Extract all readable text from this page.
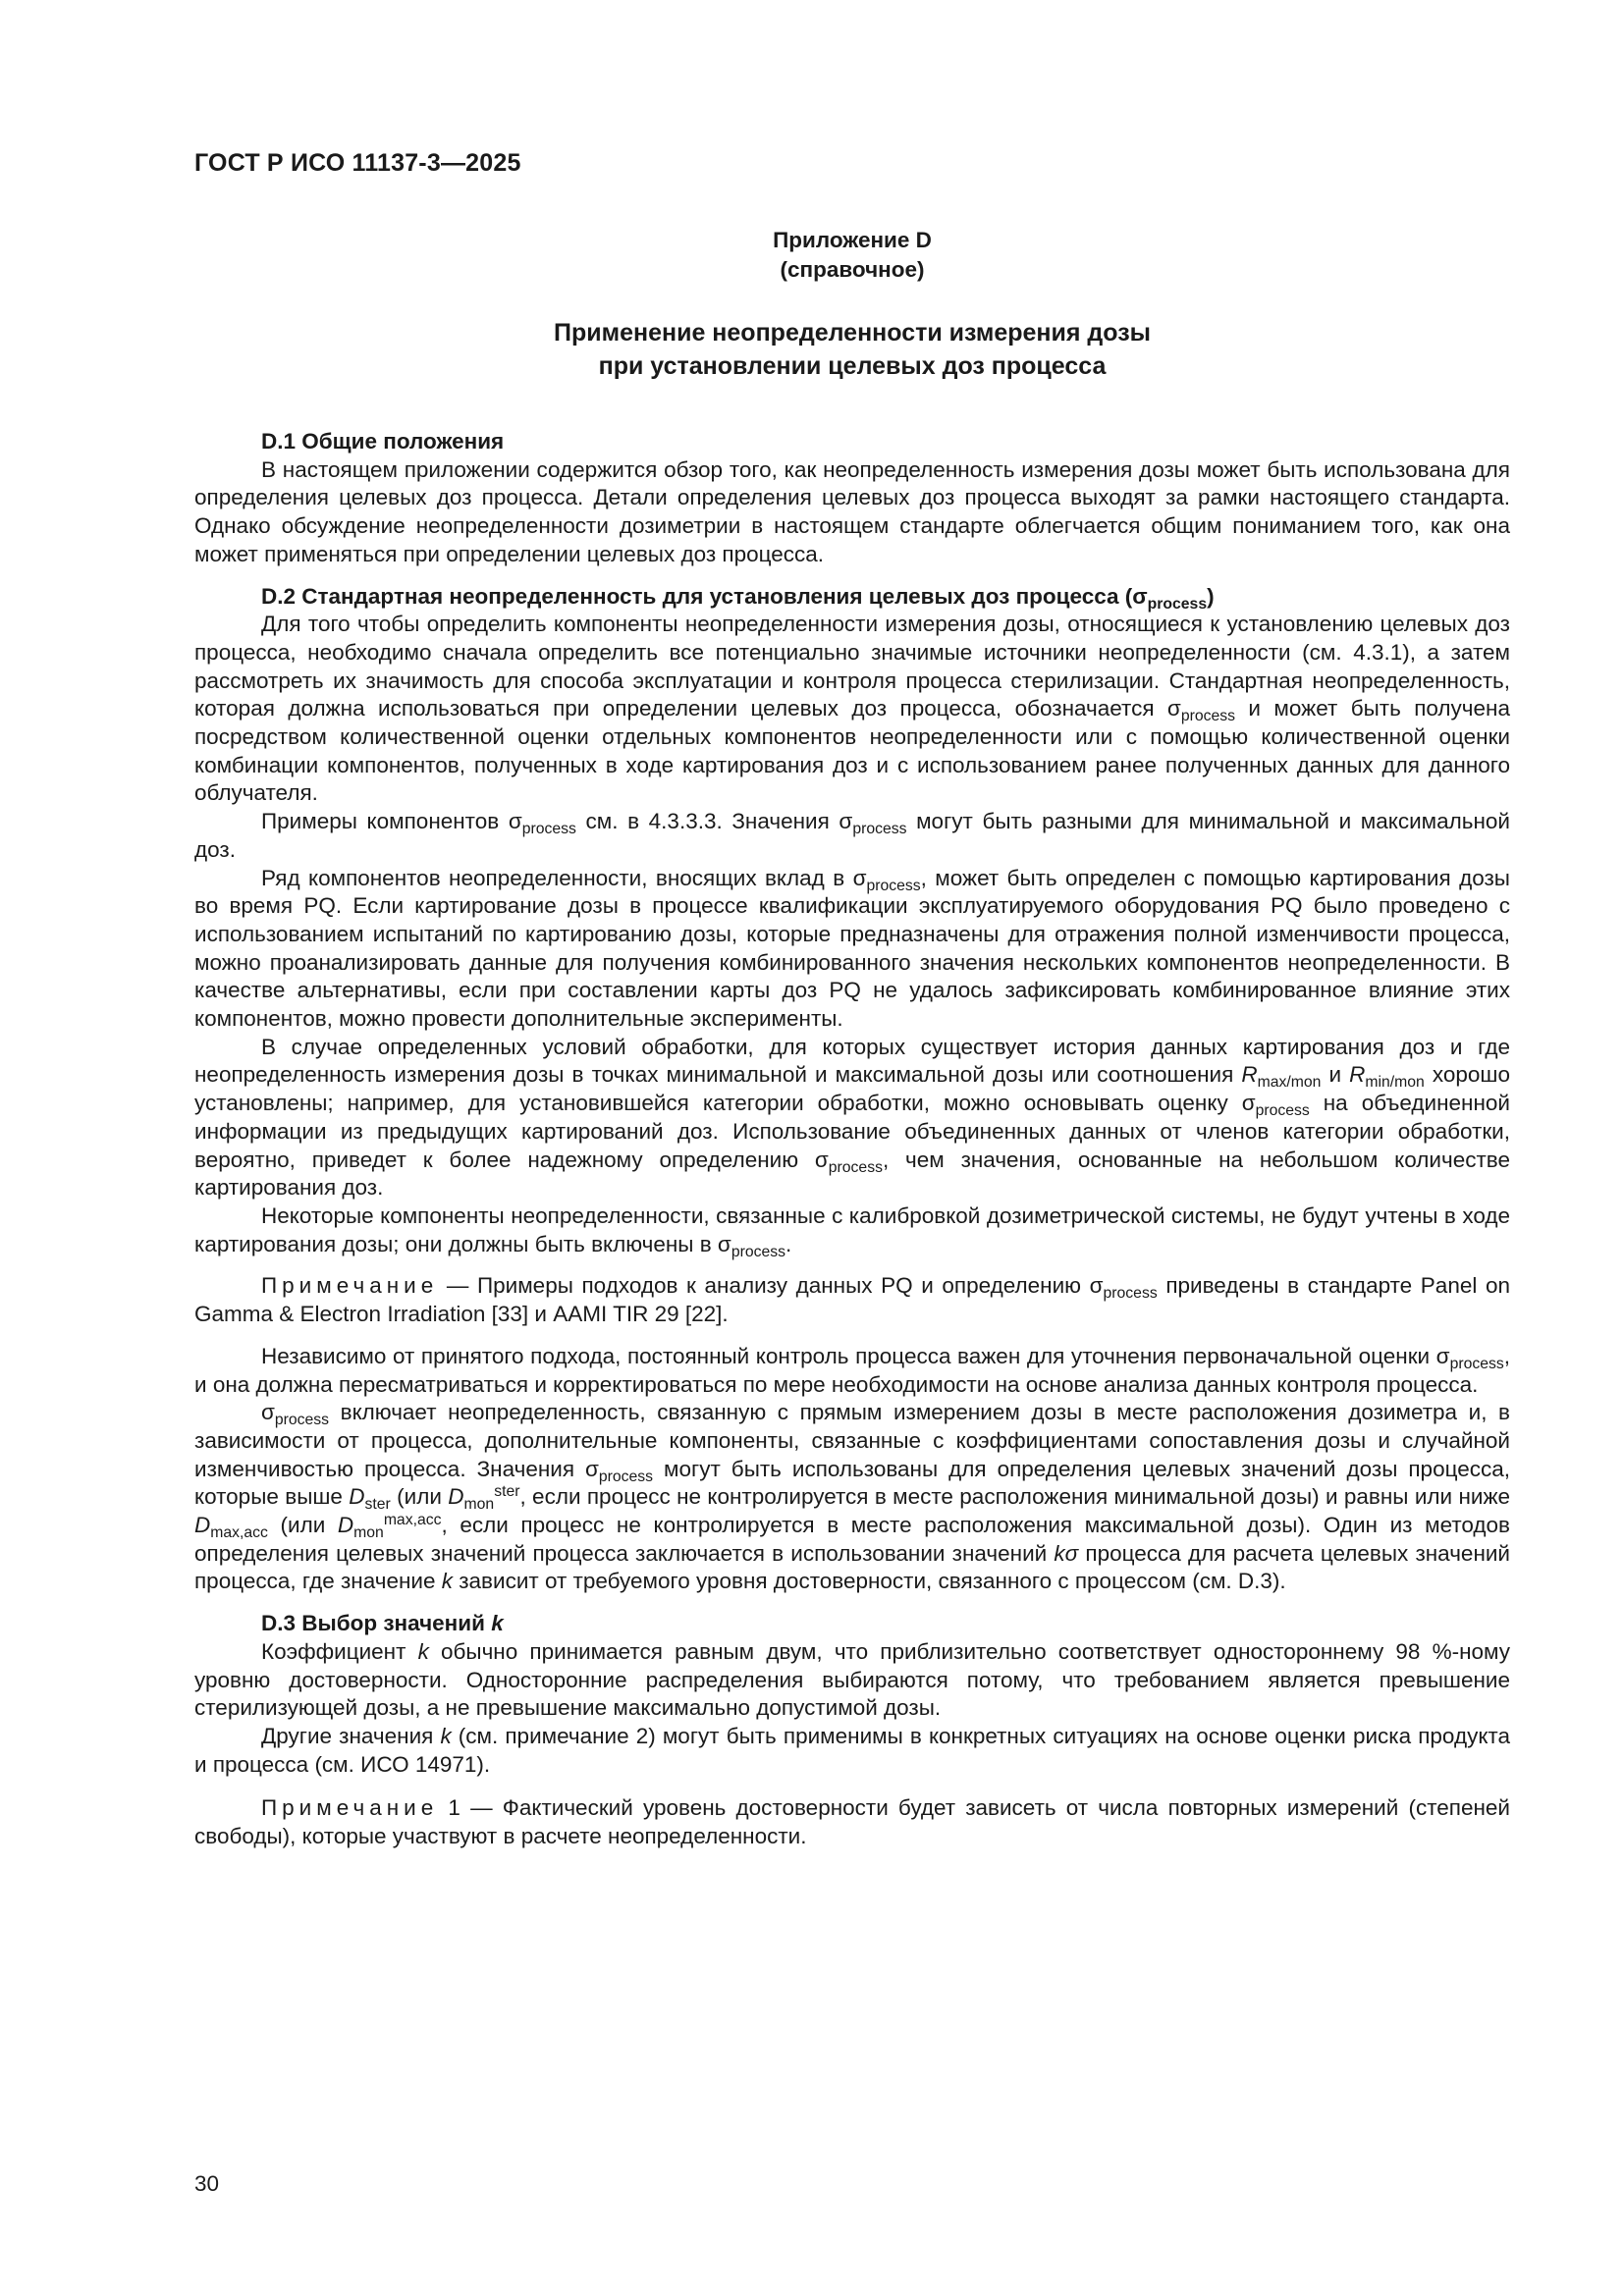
ГОСТ Р ИСО 11137-3—2025
Приложение D
(справочное)
Применение неопределенности измерения дозы
при установлении целевых доз процесса
D.1 Общие положения

В настоящем приложении содержится обзор того, как неопределенность измерения дозы может быть использована для определения целевых доз процесса. Детали определения целевых доз процесса выходят за рамки настоящего стандарта. Однако обсуждение неопределенности дозиметрии в настоящем стандарте облегчается общим пониманием того, как она может применяться при определении целевых доз процесса.

D.2 Стандартная неопределенность для установления целевых доз процесса $(\sigma_{process})$

Для того чтобы определить компоненты неопределенности измерения дозы, относящиеся к установлению целевых доз процесса, необходимо сначала определить все потенциально значимые источники неопределенности (см. 4.3.1), а затем рассмотреть их значимость для способа эксплуатации и контроля процесса стерилизации. Стандартная неопределенность, которая должна использоваться при определении целевых доз процесса, обозначается $\sigma_{process}$ и может быть получена посредством количественной оценки отдельных компонентов неопределенности или с помощью количественной оценки комбинации компонентов, полученных в ходе картирования доз и с использованием ранее полученных данных для данного облучателя.

Примеры компонентов $\sigma_{process}$ см. в 4.3.3.3. Значения $\sigma_{process}$ могут быть разными для минимальной и максимальной доз.

Ряд компонентов неопределенности, вносящих вклад в $\sigma_{process}$, может быть определен с помощью картирования дозы во время PQ. Если картирование дозы в процессе квалификации эксплуатируемого оборудования PQ было проведено с использованием испытаний по картированию дозы, которые предназначены для отражения полной изменчивости процесса, можно проанализировать данные для получения комбинированного значения нескольких компонентов неопределенности. В качестве альтернативы, если при составлении карты доз PQ не удалось зафиксировать комбинированное влияние этих компонентов, можно провести дополнительные эксперименты.

В случае определенных условий обработки, для которых существует история данных картирования доз и где неопределенность измерения дозы в точках минимальной и максимальной дозы или соотношения $R_{max/mon}$ и $R_{min/mon}$ хорошо установлены; например, для установившейся категории обработки, можно основывать оценку $\sigma_{process}$ на объединенной информации из предыдущих картирований доз. Использование объединенных данных от членов категории обработки, вероятно, приведет к более надежному определению $\sigma_{process}$, чем значения, основанные на небольшом количестве картирования доз.

Некоторые компоненты неопределенности, связанные с калибровкой дозиметрической системы, не будут учтены в ходе картирования дозы; они должны быть включены в $\sigma_{process}$.

Примечание — Примеры подходов к анализу данных PQ и определению $\sigma_{process}$ приведены в стандарте Panel on Gamma & Electron Irradiation [33] и AAMI TIR 29 [22].

Независимо от принятого подхода, постоянный контроль процесса важен для уточнения первоначальной оценки $\sigma_{process}$, и она должна пересматриваться и корректироваться по мере необходимости на основе анализа данных контроля процесса.

$\sigma_{process}$ включает неопределенность, связанную с прямым измерением дозы в месте расположения дозиметра и, в зависимости от процесса, дополнительные компоненты, связанные с коэффициентами сопоставления дозы и случайной изменчивостью процесса. Значения $\sigma_{process}$ могут быть использованы для определения целевых значений дозы процесса, которые выше $D_{ster}$ (или $D_{mon}^{ster}$, если процесс не контролируется в месте расположения минимальной дозы) и равны или ниже $D_{max,acc}$ (или $D_{mon}^{max,acc}$, если процесс не контролируется в месте расположения максимальной дозы). Один из методов определения целевых значений процесса заключается в использовании значений kσ процесса для расчета целевых значений процесса, где значение k зависит от требуемого уровня достоверности, связанного с процессом (см. D.3).

D.3 Выбор значений k

Коэффициент k обычно принимается равным двум, что приблизительно соответствует одностороннему 98 %-ному уровню достоверности. Односторонние распределения выбираются потому, что требованием является превышение стерилизующей дозы, а не превышение максимально допустимой дозы.

Другие значения k (см. примечание 2) могут быть применимы в конкретных ситуациях на основе оценки риска продукта и процесса (см. ИСО 14971).

Примечание 1 — Фактический уровень достоверности будет зависеть от числа повторных измерений (степеней свободы), которые участвуют в расчете неопределенности.

30
